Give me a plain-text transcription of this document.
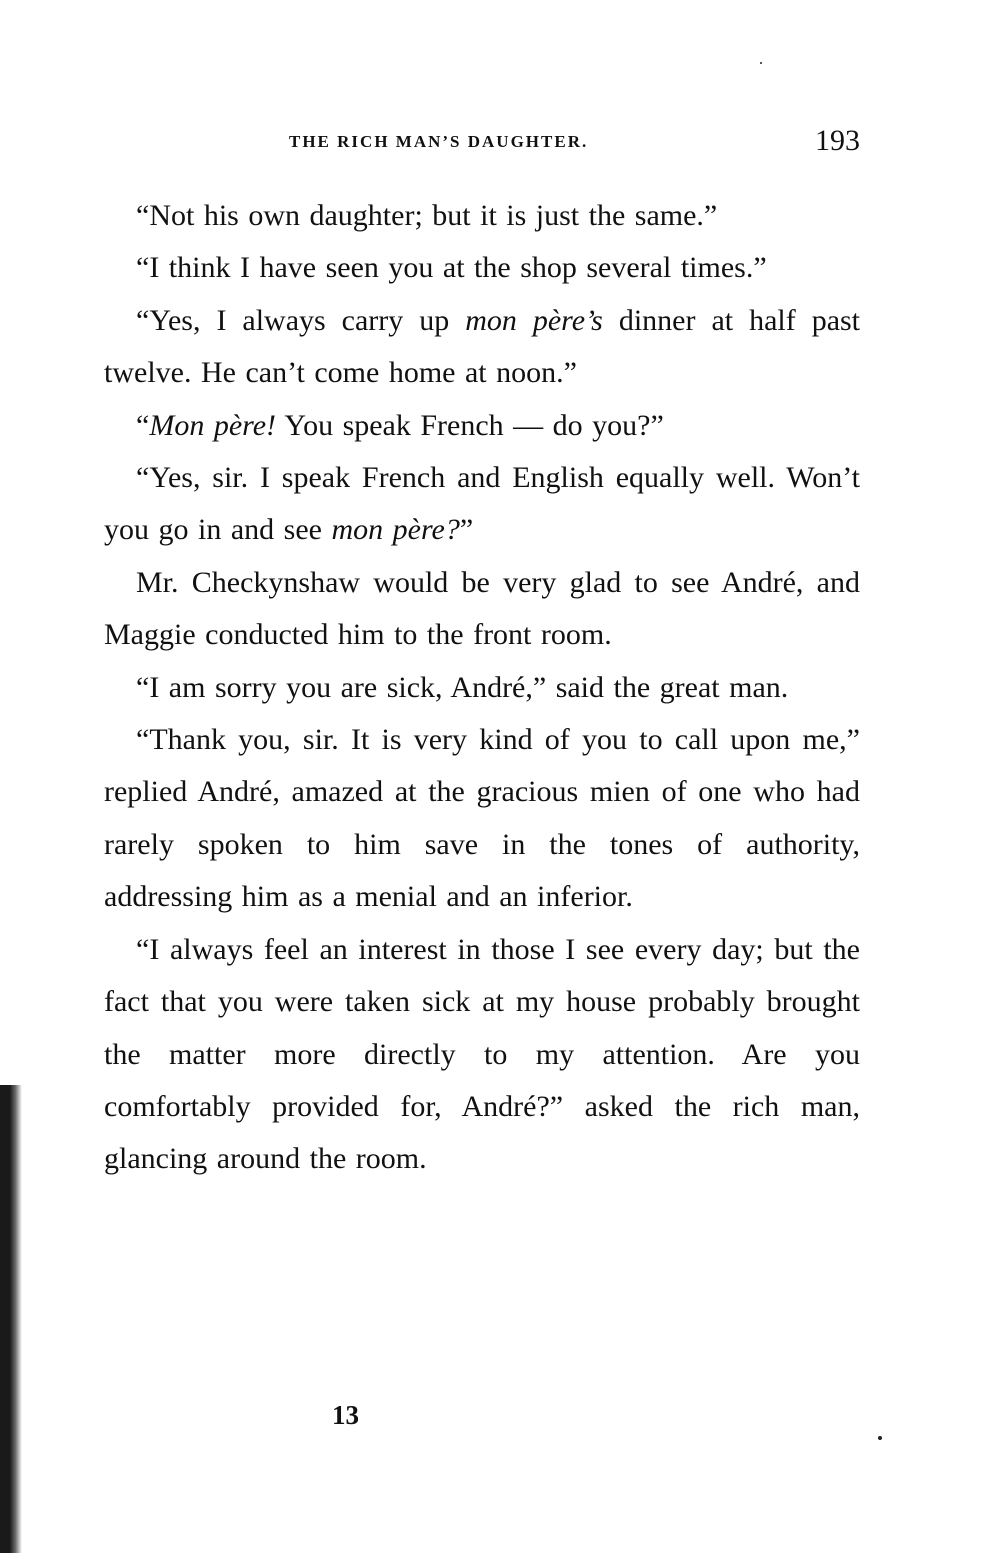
THE RICH MAN’S DAUGHTER.	193

“Not his own daughter; but it is just the same.”

“I think I have seen you at the shop several times.”

“Yes, I always carry up mon père’s dinner at half past twelve. He can’t come home at noon.”

“Mon père! You speak French — do you?”

“Yes, sir. I speak French and English equally well. Won’t you go in and see mon père?”

Mr. Checkynshaw would be very glad to see André, and Maggie conducted him to the front room.

“I am sorry you are sick, André,” said the great man.

“Thank you, sir. It is very kind of you to call upon me,” replied André, amazed at the gracious mien of one who had rarely spoken to him save in the tones of authority, addressing him as a menial and an inferior.

“I always feel an interest in those I see every day; but the fact that you were taken sick at my house probably brought the matter more directly to my attention. Are you comfortably provided for, André?” asked the rich man, glancing around the room.

13
